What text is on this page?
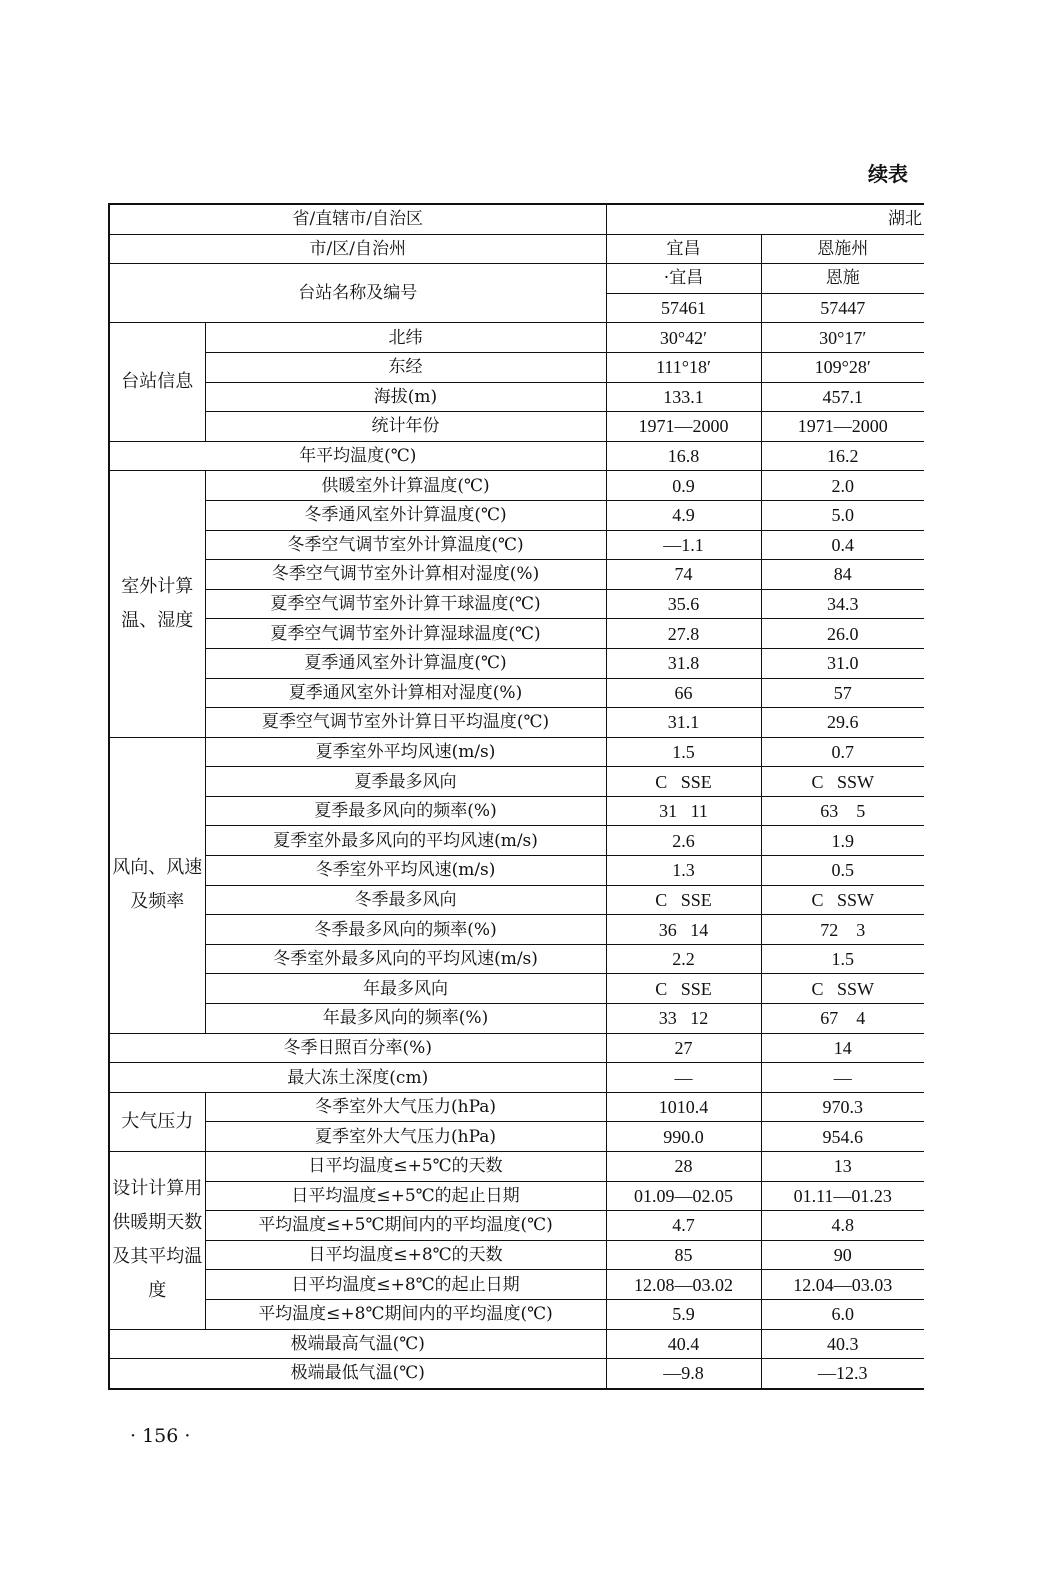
续表
省/直辖市/自治区		湖北	
市/区/自治州		宜昌	恩施州
台站名称及编号		·宜昌	恩施
		57461	57447
台站信息	北纬	30°42′	30°17′
	东经	111°18′	109°28′
	海拔(m)	133.1	457.1
	统计年份	1971—2000	1971—2000
年平均温度(℃)		16.8	16.2
室外计算温、湿度	供暖室外计算温度(℃)	0.9	2.0
	冬季通风室外计算温度(℃)	4.9	5.0
	冬季空气调节室外计算温度(℃)	—1.1	0.4
	冬季空气调节室外计算相对湿度(%)	74	84
	夏季空气调节室外计算干球温度(℃)	35.6	34.3
	夏季空气调节室外计算湿球温度(℃)	27.8	26.0
	夏季通风室外计算温度(℃)	31.8	31.0
	夏季通风室外计算相对湿度(%)	66	57
	夏季空气调节室外计算日平均温度(℃)	31.1	29.6
风向、风速及频率	夏季室外平均风速(m/s)	1.5	0.7
	夏季最多风向	C   SSE	C   SSW
	夏季最多风向的频率(%)	31   11	63    5
	夏季室外最多风向的平均风速(m/s)	2.6	1.9
	冬季室外平均风速(m/s)	1.3	0.5
	冬季最多风向	C   SSE	C   SSW
	冬季最多风向的频率(%)	36   14	72    3
	冬季室外最多风向的平均风速(m/s)	2.2	1.5
	年最多风向	C   SSE	C   SSW
	年最多风向的频率(%)	33   12	67    4
冬季日照百分率(%)		27	14
最大冻土深度(cm)		—	—
大气压力	冬季室外大气压力(hPa)	1010.4	970.3
	夏季室外大气压力(hPa)	990.0	954.6
设计计算用供暖期天数及其平均温度	日平均温度≤+5℃的天数	28	13
	日平均温度≤+5℃的起止日期	01.09—02.05	01.11—01.23
	平均温度≤+5℃期间内的平均温度(℃)	4.7	4.8
	日平均温度≤+8℃的天数	85	90
	日平均温度≤+8℃的起止日期	12.08—03.02	12.04—03.03
	平均温度≤+8℃期间内的平均温度(℃)	5.9	6.0
极端最高气温(℃)		40.4	40.3
极端最低气温(℃)		—9.8	—12.3
· 156 ·
